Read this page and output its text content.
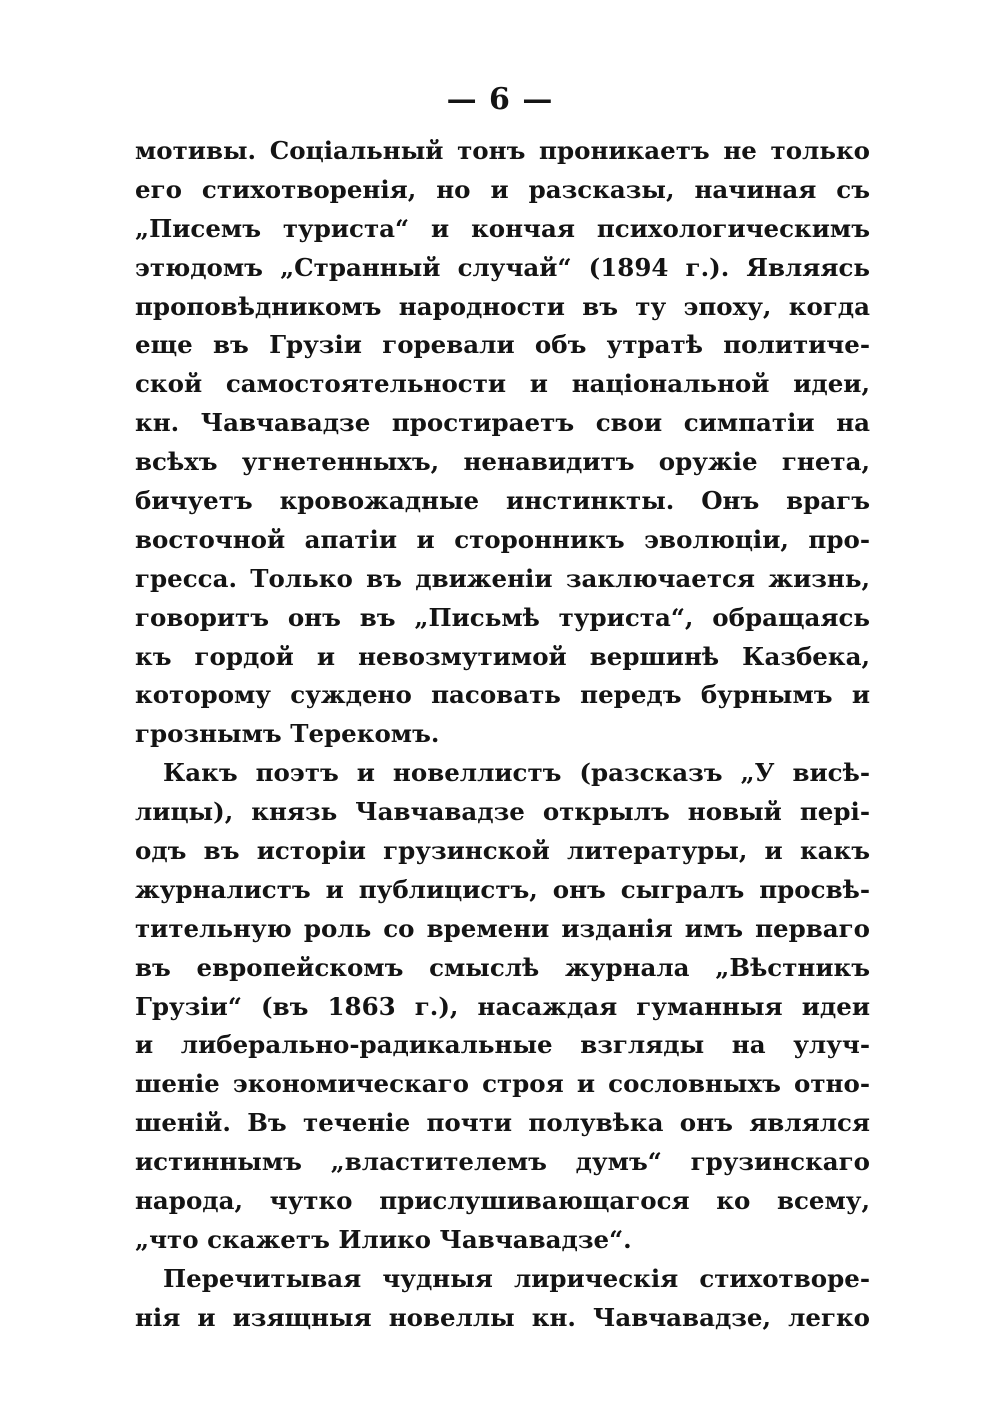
— 6 —
мотивы. Соціальный тонъ проникаетъ не только
его стихотворенія, но и разсказы, начиная съ
„Писемъ туриста“ и кончая психологическимъ
этюдомъ „Странный случай“ (1894 г.). Являясь
проповѣдникомъ народности въ ту эпоху, когда
еще въ Грузіи горевали объ утратѣ политиче-
ской самостоятельности и національной идеи,
кн. Чавчавадзе простираетъ свои симпатіи на
всѣхъ угнетенныхъ, ненавидитъ оружіе гнета,
бичуетъ кровожадные инстинкты. Онъ врагъ
восточной апатіи и сторонникъ эволюціи, про-
гресса. Только въ движеніи заключается жизнь,
говоритъ онъ въ „Письмѣ туриста“, обращаясь
къ гордой и невозмутимой вершинѣ Казбека,
которому суждено пасовать передъ бурнымъ и
грознымъ Терекомъ.
Какъ поэтъ и новеллистъ (разсказъ „У висѣ-
лицы), князь Чавчавадзе открылъ новый пері-
одъ въ исторіи грузинской литературы, и какъ
журналистъ и публицистъ, онъ сыгралъ просвѣ-
тительную роль со времени изданія имъ перваго
въ европейскомъ смыслѣ журнала „Вѣстникъ
Грузіи“ (въ 1863 г.), насаждая гуманныя идеи
и либерально-радикальные взгляды на улуч-
шеніе экономическаго строя и сословныхъ отно-
шеній. Въ теченіе почти полувѣка онъ являлся
истиннымъ „властителемъ думъ“ грузинскаго
народа, чутко прислушивающагося ко всему,
„что скажетъ Илико Чавчавадзе“.
Перечитывая чудныя лирическія стихотворе-
нія и изящныя новеллы кн. Чавчавадзе, легко
